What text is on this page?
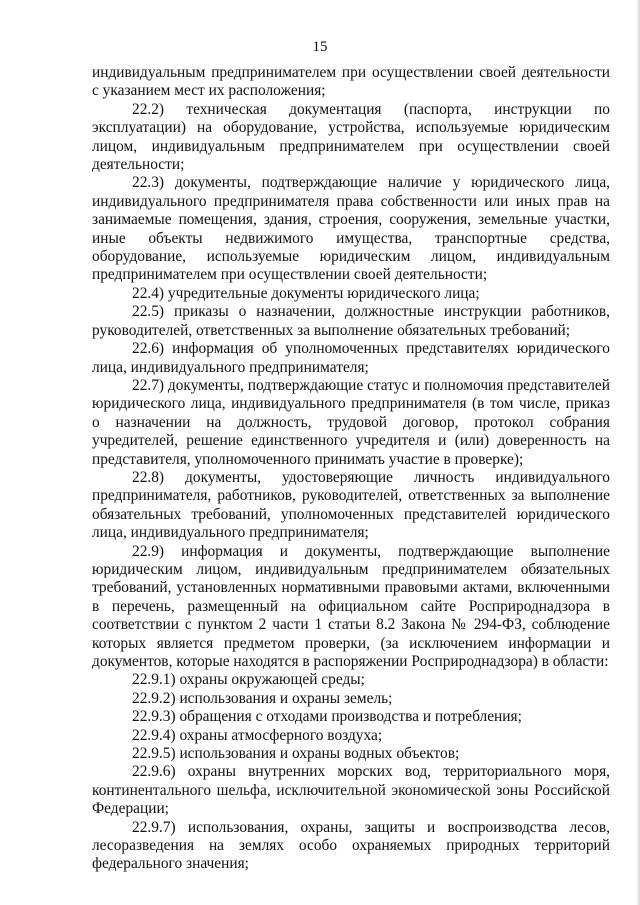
15

индивидуальным предпринимателем при осуществлении своей деятельности с указанием мест их расположения;

22.2) техническая документация (паспорта, инструкции по эксплуатации) на оборудование, устройства, используемые юридическим лицом, индивидуальным предпринимателем при осуществлении своей деятельности;

22.3) документы, подтверждающие наличие у юридического лица, индивидуального предпринимателя права собственности или иных прав на занимаемые помещения, здания, строения, сооружения, земельные участки, иные объекты недвижимого имущества, транспортные средства, оборудование, используемые юридическим лицом, индивидуальным предпринимателем при осуществлении своей деятельности;

22.4) учредительные документы юридического лица;

22.5) приказы о назначении, должностные инструкции работников, руководителей, ответственных за выполнение обязательных требований;

22.6) информация об уполномоченных представителях юридического лица, индивидуального предпринимателя;

22.7) документы, подтверждающие статус и полномочия представителей юридического лица, индивидуального предпринимателя (в том числе, приказ о назначении на должность, трудовой договор, протокол собрания учредителей, решение единственного учредителя и (или) доверенность на представителя, уполномоченного принимать участие в проверке);

22.8) документы, удостоверяющие личность индивидуального предпринимателя, работников, руководителей, ответственных за выполнение обязательных требований, уполномоченных представителей юридического лица, индивидуального предпринимателя;

22.9) информация и документы, подтверждающие выполнение юридическим лицом, индивидуальным предпринимателем обязательных требований, установленных нормативными правовыми актами, включенными в перечень, размещенный на официальном сайте Росприроднадзора в соответствии с пунктом 2 части 1 статьи 8.2 Закона № 294-ФЗ, соблюдение которых является предметом проверки, (за исключением информации и документов, которые находятся в распоряжении Росприроднадзора) в области:

22.9.1) охраны окружающей среды;

22.9.2) использования и охраны земель;

22.9.3) обращения с отходами производства и потребления;

22.9.4) охраны атмосферного воздуха;

22.9.5) использования и охраны водных объектов;

22.9.6) охраны внутренних морских вод, территориального моря, континентального шельфа, исключительной экономической зоны Российской Федерации;

22.9.7) использования, охраны, защиты и воспроизводства лесов, лесоразведения на землях особо охраняемых природных территорий федерального значения;
